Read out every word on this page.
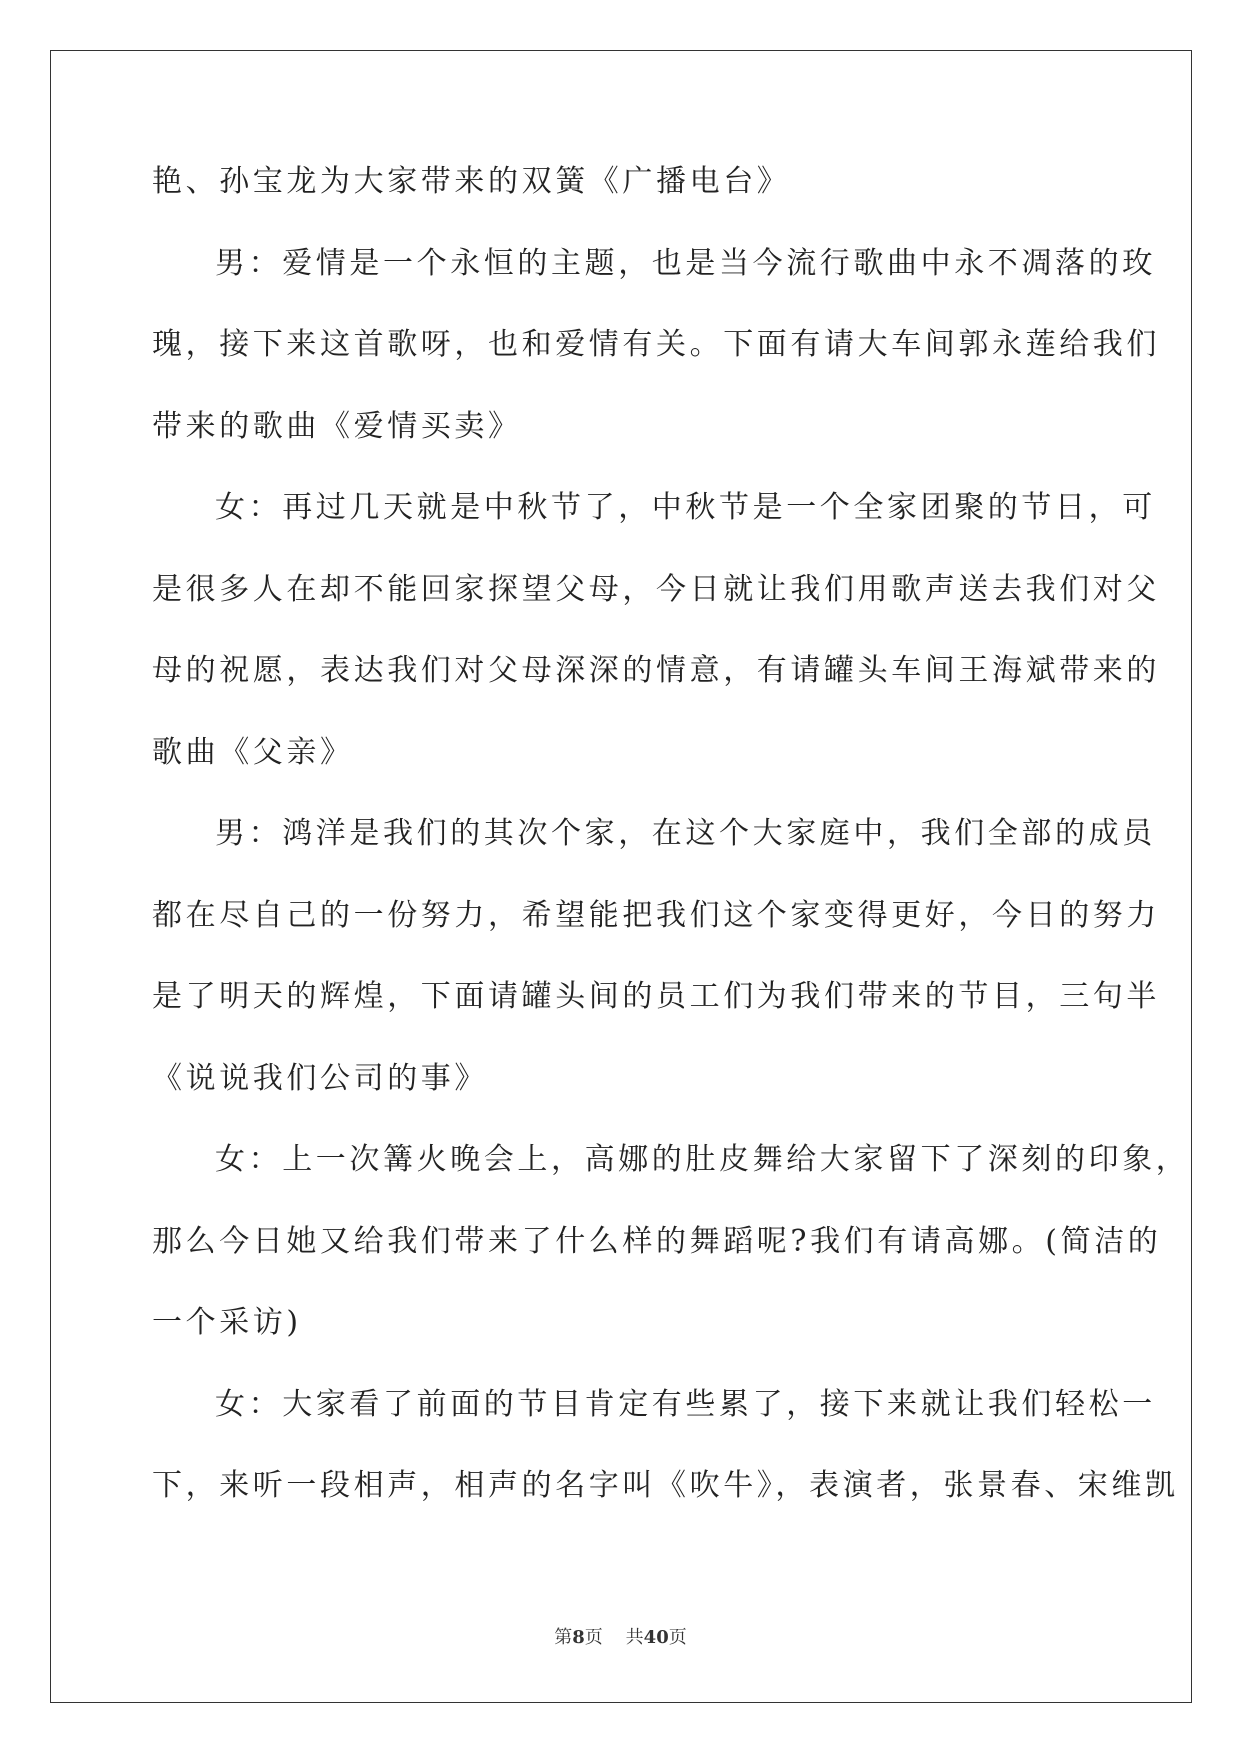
艳、孙宝龙为大家带来的双簧《广播电台》
男：爱情是一个永恒的主题，也是当今流行歌曲中永不凋落的玫
瑰，接下来这首歌呀，也和爱情有关。下面有请大车间郭永莲给我们
带来的歌曲《爱情买卖》
女：再过几天就是中秋节了，中秋节是一个全家团聚的节日，可
是很多人在却不能回家探望父母，今日就让我们用歌声送去我们对父
母的祝愿，表达我们对父母深深的情意，有请罐头车间王海斌带来的
歌曲《父亲》
男：鸿洋是我们的其次个家，在这个大家庭中，我们全部的成员
都在尽自己的一份努力，希望能把我们这个家变得更好，今日的努力
是了明天的辉煌，下面请罐头间的员工们为我们带来的节目，三句半
《说说我们公司的事》
女：上一次篝火晚会上，高娜的肚皮舞给大家留下了深刻的印象，
那么今日她又给我们带来了什么样的舞蹈呢?我们有请高娜。(简洁的
一个采访)
女：大家看了前面的节目肯定有些累了，接下来就让我们轻松一
下，来听一段相声，相声的名字叫《吹牛》，表演者，张景春、宋维凯
第8页 共40页
